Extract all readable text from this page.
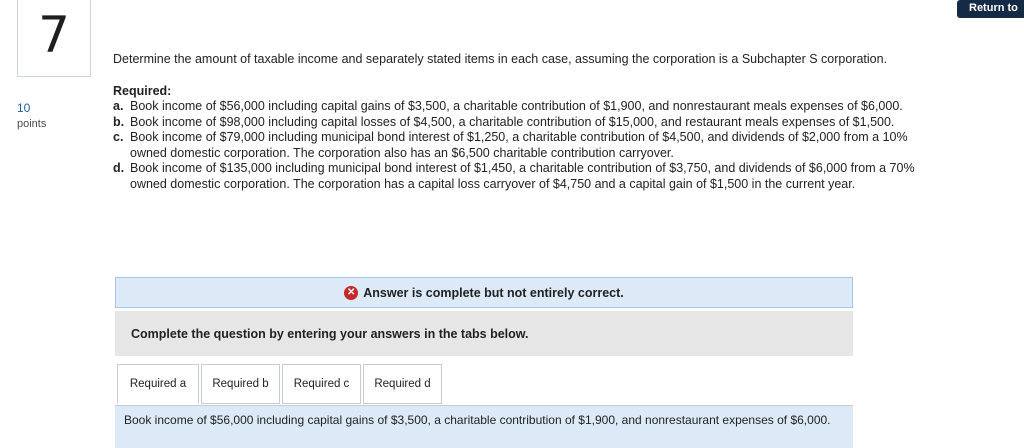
Return to
7
10
points

Determine the amount of taxable income and separately stated items in each case, assuming the corporation is a Subchapter S corporation.

Required:

a. Book income of $56,000 including capital gains of $3,500, a charitable contribution of $1,900, and nonrestaurant meals expenses of $6,000.
b. Book income of $98,000 including capital losses of $4,500, a charitable contribution of $15,000, and restaurant meals expenses of $1,500.
c. Book income of $79,000 including municipal bond interest of $1,250, a charitable contribution of $4,500, and dividends of $2,000 from a 10% owned domestic corporation. The corporation also has an $6,500 charitable contribution carryover.
d. Book income of $135,000 including municipal bond interest of $1,450, a charitable contribution of $3,750, and dividends of $6,000 from a 70% owned domestic corporation. The corporation has a capital loss carryover of $4,750 and a capital gain of $1,500 in the current year.
✕ Answer is complete but not entirely correct.
Complete the question by entering your answers in the tabs below.
Required a	Required b	Required c	Required d

Book income of $56,000 including capital gains of $3,500, a charitable contribution of $1,900, and nonrestaurant expenses of $6,000.
